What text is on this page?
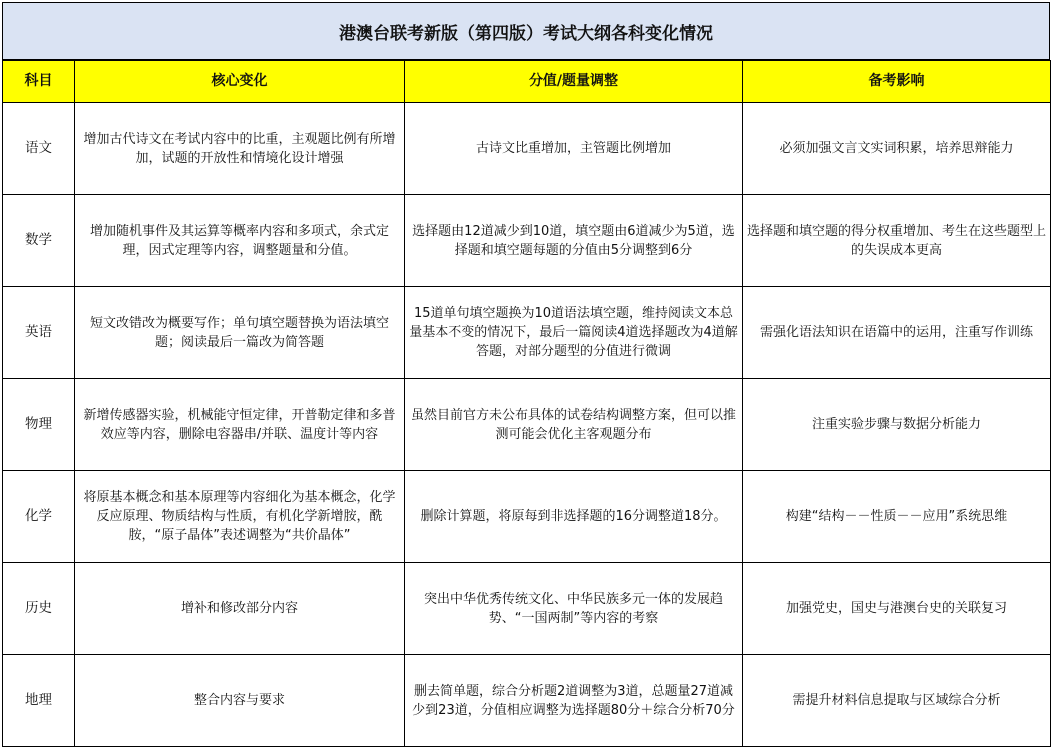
港澳台联考新版（第四版）考试大纲各科变化情况
科目	核心变化	分值/题量调整	备考影响
语文	增加古代诗文在考试内容中的比重，主观题比例有所增加，试题的开放性和情境化设计增强	古诗文比重增加，主管题比例增加	必须加强文言文实词积累，培养思辩能力
数学	增加随机事件及其运算等概率内容和多项式，余式定理，因式定理等内容，调整题量和分值。	选择题由12道减少到10道，填空题由6道减少为5道，选择题和填空题每题的分值由5分调整到6分	选择题和填空题的得分权重增加、考生在这些题型上的失误成本更高
英语	短文改错改为概要写作；单句填空题替换为语法填空题；阅读最后一篇改为简答题	15道单句填空题换为10道语法填空题，维持阅读文本总量基本不变的情况下，最后一篇阅读4道选择题改为4道解答题，对部分题型的分值进行微调	需强化语法知识在语篇中的运用，注重写作训练
物理	新增传感器实验，机械能守恒定律，开普勒定律和多普效应等内容，删除电容器串/并联、温度计等内容	虽然目前官方未公布具体的试卷结构调整方案，但可以推测可能会优化主客观题分布	注重实验步骤与数据分析能力
化学	将原基本概念和基本原理等内容细化为基本概念，化学反应原理、物质结构与性质，有机化学新增胺，酰胺，“原子晶体”表述调整为“共价晶体”	删除计算题，将原每到非选择题的16分调整道18分。	构建“结构－－性质－－应用”系统思维
历史	增补和修改部分内容	突出中华优秀传统文化、中华民族多元一体的发展趋势、“一国两制”等内容的考察	加强党史，国史与港澳台史的关联复习
地理	整合内容与要求	删去简单题，综合分析题2道调整为3道，总题量27道减少到23道，分值相应调整为选择题80分＋综合分析70分	需提升材料信息提取与区域综合分析
